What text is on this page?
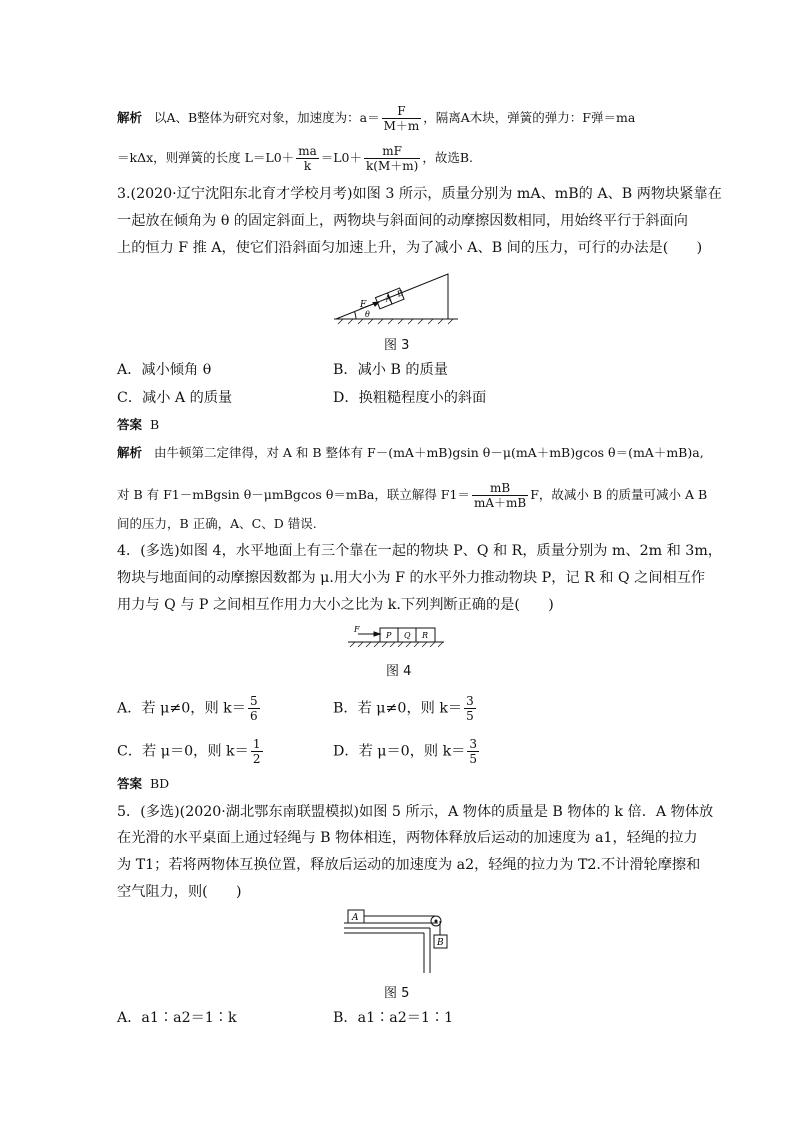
解析 以A、B整体为研究对象，加速度为：$a= \frac{F}{M+m}$ ，隔离A木块，弹簧的弹力：F弹＝ma
＝kΔx，则弹簧的长度 $L=L0+ \frac{ma}{k} =L0+ \frac{mF}{k(M+m)}$ ，故选B.
3.(2020·辽宁沈阳东北育才学校月考)如图 3 所示，质量分别为 mA、mB的 A、B 两物块紧靠在
一起放在倾角为 θ 的固定斜面上，两物块与斜面间的动摩擦因数相同，用始终平行于斜面向
上的恒力 F 推 A，使它们沿斜面匀加速上升，为了减小 A、B 间的压力，可行的办法是(　　)
F
θ
A B
图 3
A．减小倾角 θ	B．减小 B 的质量
C．减小 A 的质量	D．换粗糙程度小的斜面
答案 B
解析 由牛顿第二定律得，对 A 和 B 整体有 F－(mA＋mB)gsin θ－μ(mA＋mB)gcos θ＝(mA＋mB)a,
对 B 有 F1－mBgsin θ－μmBgcos θ＝mBa，联立解得 $F1= \frac{mB}{mA+mB}$ F，故减小 B 的质量可减小 A B
间的压力，B 正确，A、C、D 错误.
4．(多选)如图 4，水平地面上有三个靠在一起的物块 P、Q 和 R，质量分别为 m、2m 和 3m，
物块与地面间的动摩擦因数都为 μ.用大小为 F 的水平外力推动物块 P，记 R 和 Q 之间相互作
用力与 Q 与 P 之间相互作用力大小之比为 k.下列判断正确的是(　　)
F
P Q R
图 4
A．若 μ≠0，则 $k= \frac{5}{6}$	B．若 μ≠0，则 $k= \frac{3}{5}$
C．若 μ＝0，则 $k= \frac{1}{2}$	D．若 μ＝0，则 $k= \frac{3}{5}$
答案 BD
5．(多选)(2020·湖北鄂东南联盟模拟)如图 5 所示，A 物体的质量是 B 物体的 k 倍．A 物体放
在光滑的水平桌面上通过轻绳与 B 物体相连，两物体释放后运动的加速度为 a1，轻绳的拉力
为 T1；若将两物体互换位置，释放后运动的加速度为 a2，轻绳的拉力为 T2.不计滑轮摩擦和
空气阻力，则(　　)
A
B
图 5
A．a1∶a2＝1∶k	B．a1∶a2＝1∶1
